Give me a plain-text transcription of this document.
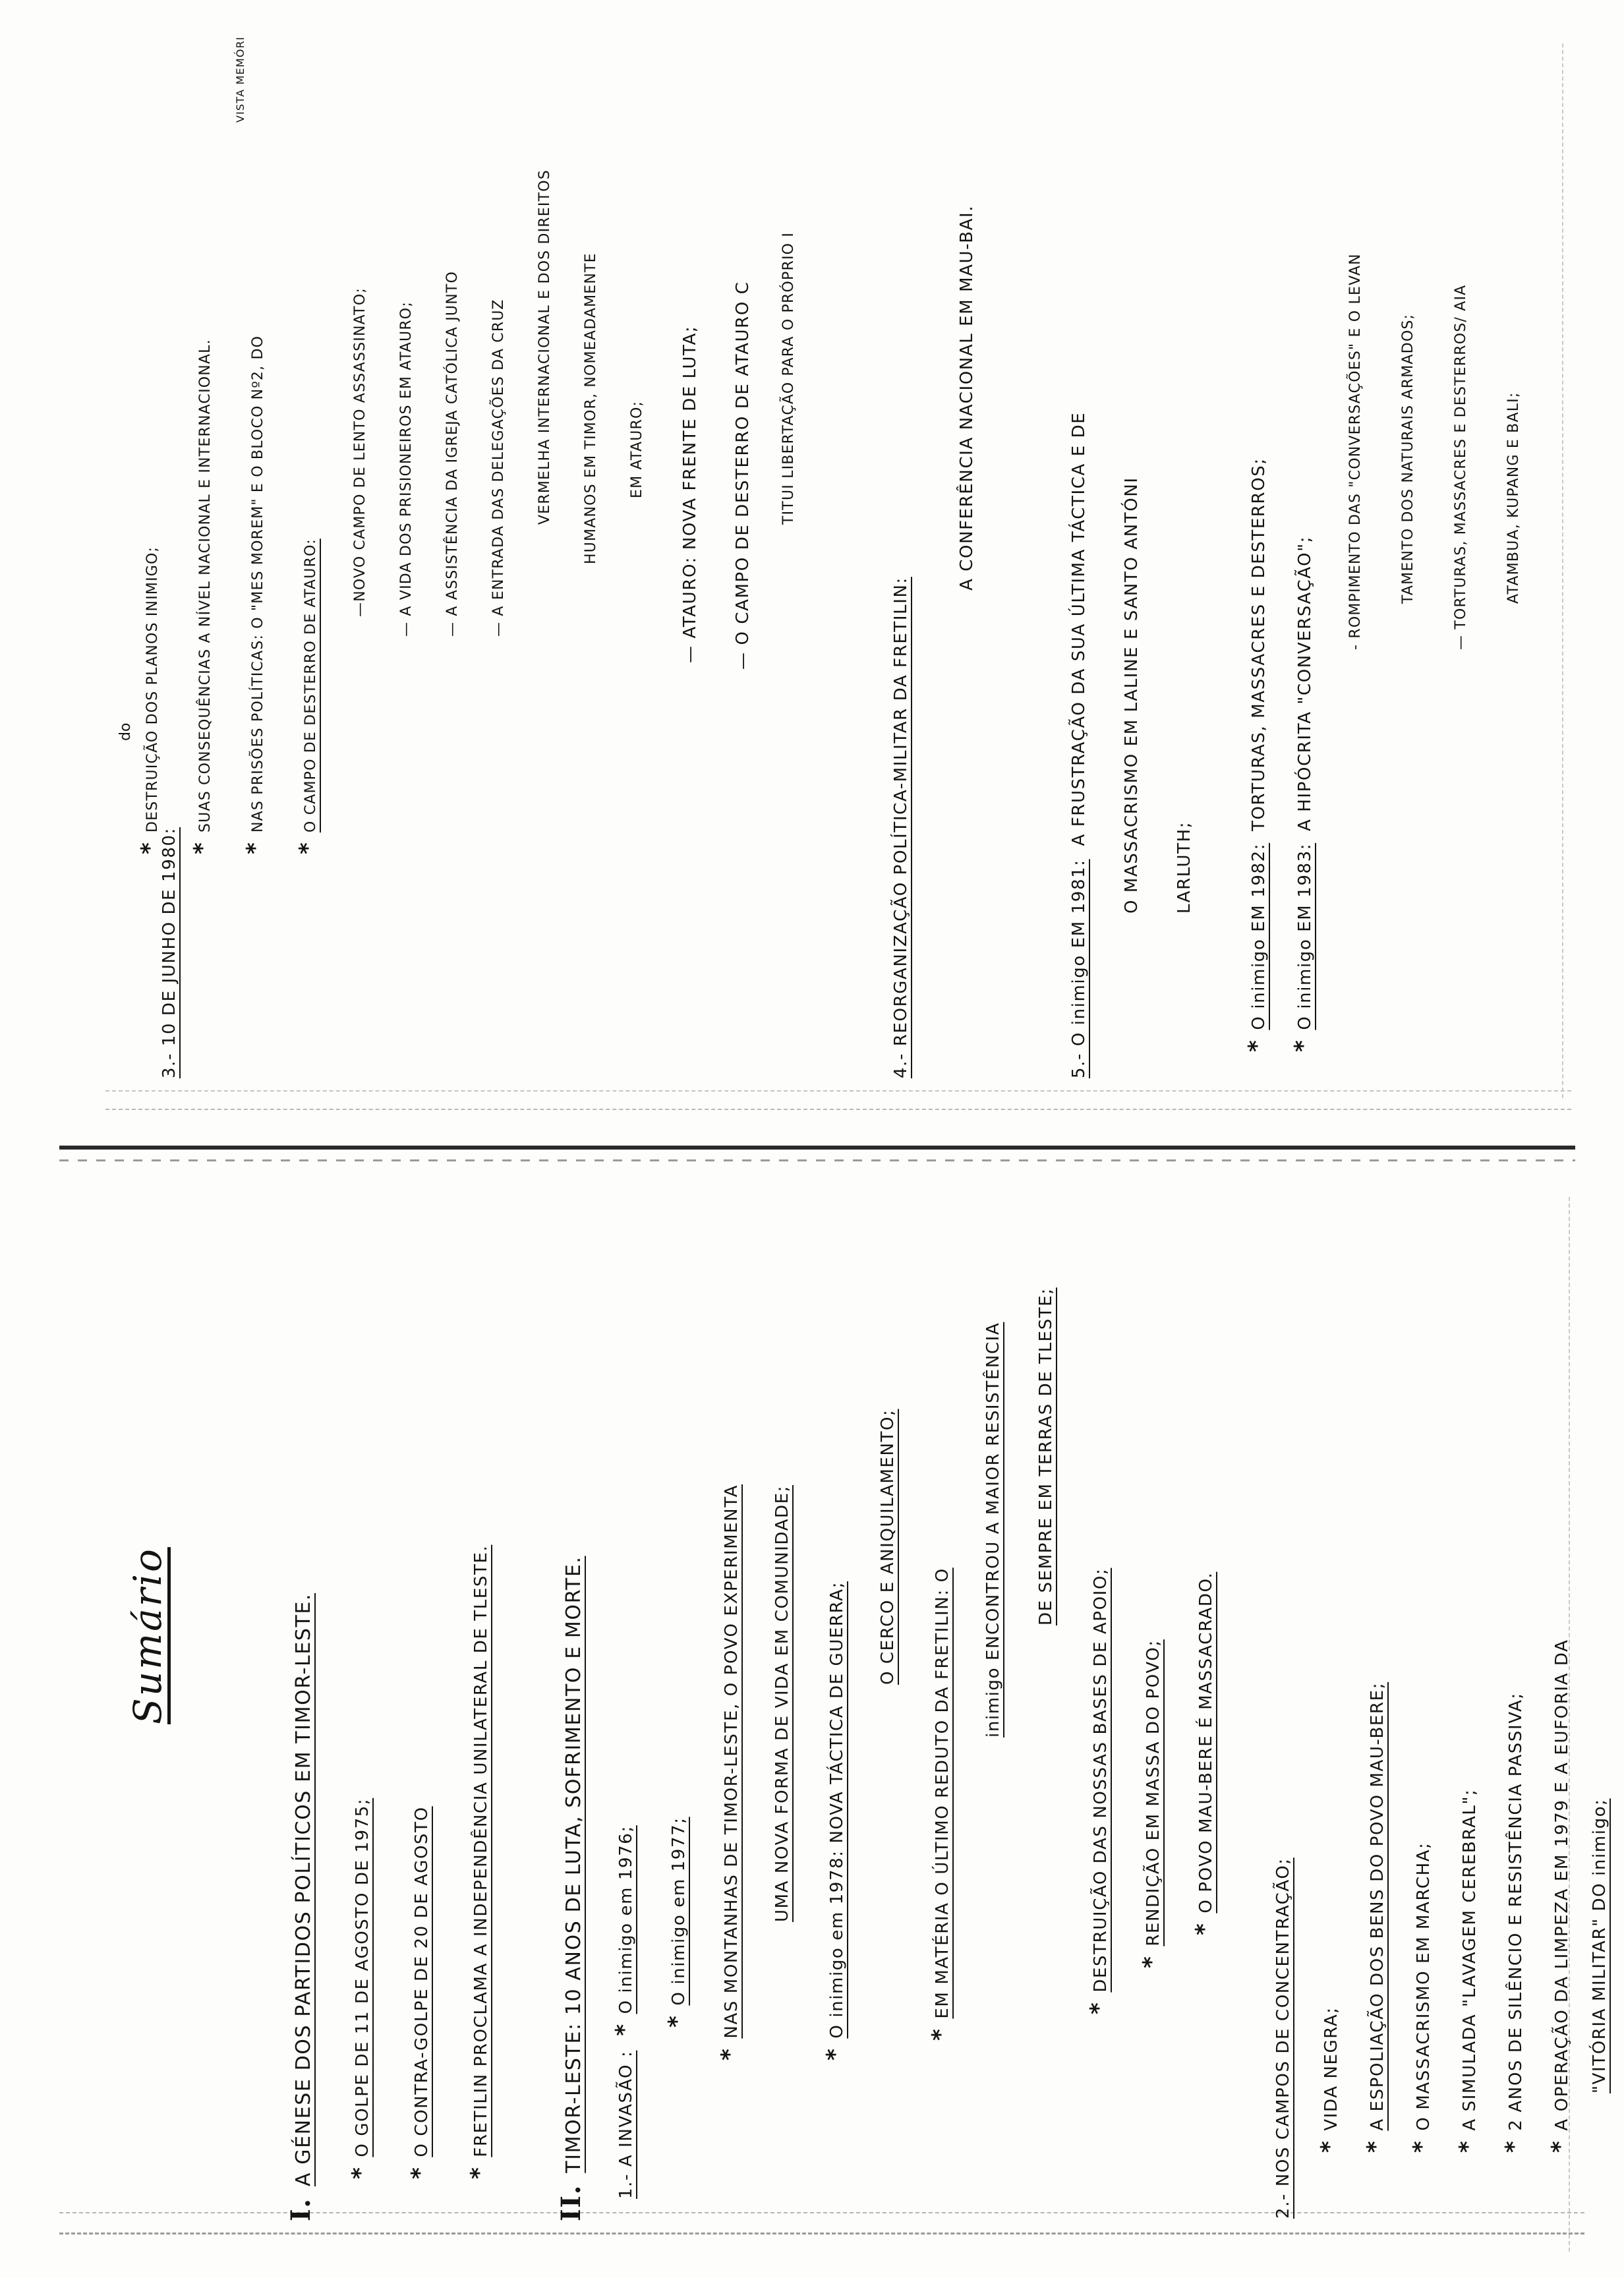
Sumário
I. A GÉNESE DOS PARTIDOS POLÍTICOS EM TIMOR-LESTE. *O GOLPE DE 11 DE AGOSTO DE 1975;
*O CONTRA-GOLPE DE 20 DE AGOSTO
*FRETILIN PROCLAMA A INDEPENDÊNCIA UNILATERAL DE TLESTE.
II. TIMOR-LESTE: 10 ANOS DE LUTA, SOFRIMENTO E MORTE. 1.- A INVASÃO : *O inimigo em 1976;
*O inimigo em 1977;
*NAS MONTANHAS DE TIMOR-LESTE, O POVO EXPERIMENTA UMA NOVA FORMA DE VIDA EM COMUNIDADE;
*O inimigo em 1978: NOVA TÁCTICA DE GUERRA;
O CERCO E ANIQUILAMENTO;
*EM MATÉRIA O ÚLTIMO REDUTO DA FRETILIN: O
inimigo ENCONTROU A MAIOR RESISTÊNCIA DE SEMPRE EM TERRAS DE TLESTE;
*DESTRUIÇÃO DAS NOSSAS BASES DE APOIO; *RENDIÇÃO EM MASSA DO POVO; *O POVO MAU-BERE É MASSACRADO.
2.- NOS CAMPOS DE CONCENTRAÇÃO; *VIDA NEGRA;
*A ESPOLIAÇÃO DOS BENS DO POVO MAU-BERE;
*O MASSACRISMO EM MARCHA;
*A SIMULADA "LAVAGEM CEREBRAL";
*2 ANOS DE SILÊNCIO E RESISTÊNCIA PASSIVA;
*A OPERAÇÃO DA LIMPEZA EM 1979 E A EUFORIA DA "VITÓRIA MILITAR" DO inimigo;
3.- 10 DE JUNHO DE 1980:
do
*DESTRUIÇÃO DOS PLANOS INIMIGO;
*SUAS CONSEQUÊNCIAS A NÍVEL NACIONAL E INTERNACIONAL.
*NAS PRISÕES POLÍTICAS: O "MES MOREM" E O BLOCO Nº2, DO
VISTA MEMÓRI
*O CAMPO DE DESTERRO DE ATAURO: —NOVO CAMPO DE LENTO ASSASSINATO;
— A VIDA DOS PRISIONEIROS EM ATAURO;
— A ASSISTÊNCIA DA IGREJA CATÓLICA JUNTO
— A ENTRADA DAS DELEGAÇÕES DA CRUZ VERMELHA INTERNACIONAL E DOS DIREITOS HUMANOS EM TIMOR, NOMEADAMENTE EM ATAURO;
— ATAURO: NOVA FRENTE DE LUTA;
— O CAMPO DE DESTERRO DE ATAURO C TITUI LIBERTAÇÃO PARA O PRÓPRIO I
4.- REORGANIZAÇÃO POLÍTICA-MILITAR DA FRETILIN:
A CONFERÊNCIA NACIONAL EM MAU-BAI.
5.- O inimigo EM 1981: A FRUSTRAÇÃO DA SUA ÚLTIMA TÁCTICA E DE O MASSACRISMO EM LALINE E SANTO ANTÓNI LARLUTH;
*O inimigo EM 1982: TORTURAS, MASSACRES E DESTERROS;
*O inimigo EM 1983: A HIPÓCRITA "CONVERSAÇÃO"; - ROMPIMENTO DAS "CONVERSAÇÕES" E O LEVAN	TAMENTO DOS NATURAIS ARMADOS;
— TORTURAS, MASSACRES E DESTERROS/ AIA	ATAMBUA, KUPANG E BALI;
